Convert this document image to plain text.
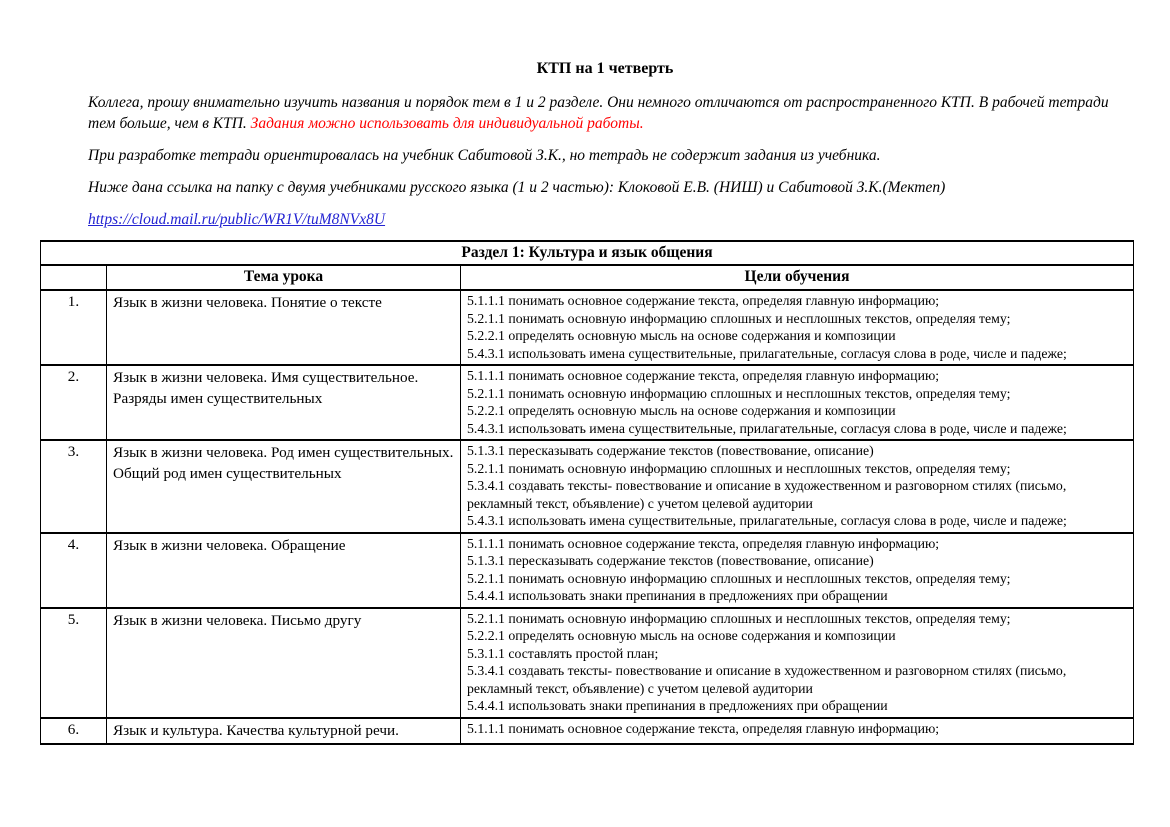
КТП на 1 четверть

Коллега, прошу внимательно изучить названия и порядок тем в 1 и 2 разделе. Они немного отличаются от распространенного КТП. В рабочей тетради тем больше, чем в КТП. Задания можно использовать для индивидуальной работы.

При разработке тетради ориентировалась на учебник Сабитовой З.К., но тетрадь не содержит задания из учебника.

Ниже дана ссылка на папку с двумя учебниками русского языка (1 и 2 частью): Клоковой Е.В. (НИШ) и Сабитовой З.К.(Мектеп)

https://cloud.mail.ru/public/WR1V/tuM8NVx8U

Раздел 1: Культура и язык общения		
	Тема урока	Цели обучения
1.	Язык в жизни человека. Понятие о тексте	5.1.1.1 понимать основное содержание текста, определяя главную информацию;
5.2.1.1 понимать основную информацию сплошных и несплошных текстов, определяя тему;
5.2.2.1 определять основную мысль на основе содержания и композиции
5.4.3.1 использовать имена существительные, прилагательные, согласуя слова в роде, числе и падеже;

2.	Язык в жизни человека. Имя существительное. Разряды имен существительных	5.1.1.1 понимать основное содержание текста, определяя главную информацию;
5.2.1.1 понимать основную информацию сплошных и несплошных текстов, определяя тему;
5.2.2.1 определять основную мысль на основе содержания и композиции
5.4.3.1 использовать имена существительные, прилагательные, согласуя слова в роде, числе и падеже;

3.	Язык в жизни человека. Род имен существительных. Общий род имен существительных	5.1.3.1 пересказывать содержание текстов (повествование, описание)
5.2.1.1 понимать основную информацию сплошных и несплошных текстов, определяя тему;
5.3.4.1 создавать тексты- повествование и описание в художественном и разговорном стилях (письмо, рекламный текст, объявление) с учетом целевой аудитории
5.4.3.1 использовать имена существительные, прилагательные, согласуя слова в роде, числе и падеже;

4.	Язык в жизни человека. Обращение	5.1.1.1 понимать основное содержание текста, определяя главную информацию;
5.1.3.1 пересказывать содержание текстов (повествование, описание)
5.2.1.1 понимать основную информацию сплошных и несплошных текстов, определяя тему;
5.4.4.1 использовать знаки препинания в предложениях при обращении

5.	Язык в жизни человека. Письмо другу	5.2.1.1 понимать основную информацию сплошных и несплошных текстов, определяя тему;
5.2.2.1 определять основную мысль на основе содержания и композиции
5.3.1.1 составлять простой план;
5.3.4.1 создавать тексты- повествование и описание в художественном и разговорном стилях (письмо, рекламный текст, объявление) с учетом целевой аудитории
5.4.4.1 использовать знаки препинания в предложениях при обращении

6.	Язык и культура. Качества культурной речи.	5.1.1.1 понимать основное содержание текста, определяя главную информацию;
